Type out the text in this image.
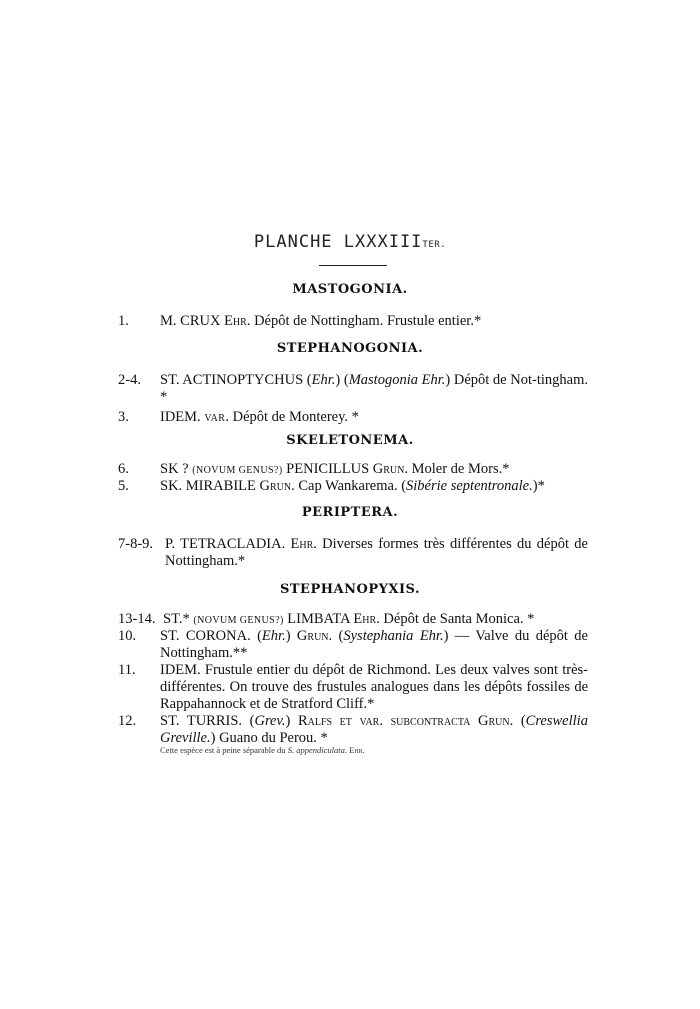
PLANCHE LXXXIIITER.
MASTOGONIA.
1. M. CRUX Ehr. Dépôt de Nottingham. Frustule entier.*
STEPHANOGONIA.
2-4. ST. ACTINOPTYCHUS (Ehr.) (Mastogonia Ehr.) Dépôt de Not-tingham. *
3. IDEM. VAR. Dépôt de Monterey. *
SKELETONEMA.
6. SK ? (NOVUM GENUS?) PENICILLUS Grun. Moler de Mors.*
5. SK. MIRABILE Grun. Cap Wankarema. (Sibérie septentronale.)*
PERIPTERA.
7-8-9. P. TETRACLADIA. Ehr. Diverses formes très différentes du dépôt de Nottingham.*
STEPHANOPYXIS.
13-14. ST.* (NOVUM GENUS?) LIMBATA Ehr. Dépôt de Santa Monica. *
10. ST. CORONA. (Ehr.) Grun. (Systephania Ehr.) — Valve du dépôt de Nottingham.**
11. IDEM. Frustule entier du dépôt de Richmond. Les deux valves sont très-différentes. On trouve des frustules analogues dans les dépôts fossiles de Rappahannock et de Stratford Cliff.*
12. ST. TURRIS. (Grev.) Ralfs et var. subcontracta Grun. (Creswellia Greville.) Guano du Perou. *
Cette espèce est à peine séparable du S. appendiculata. Ehr.
